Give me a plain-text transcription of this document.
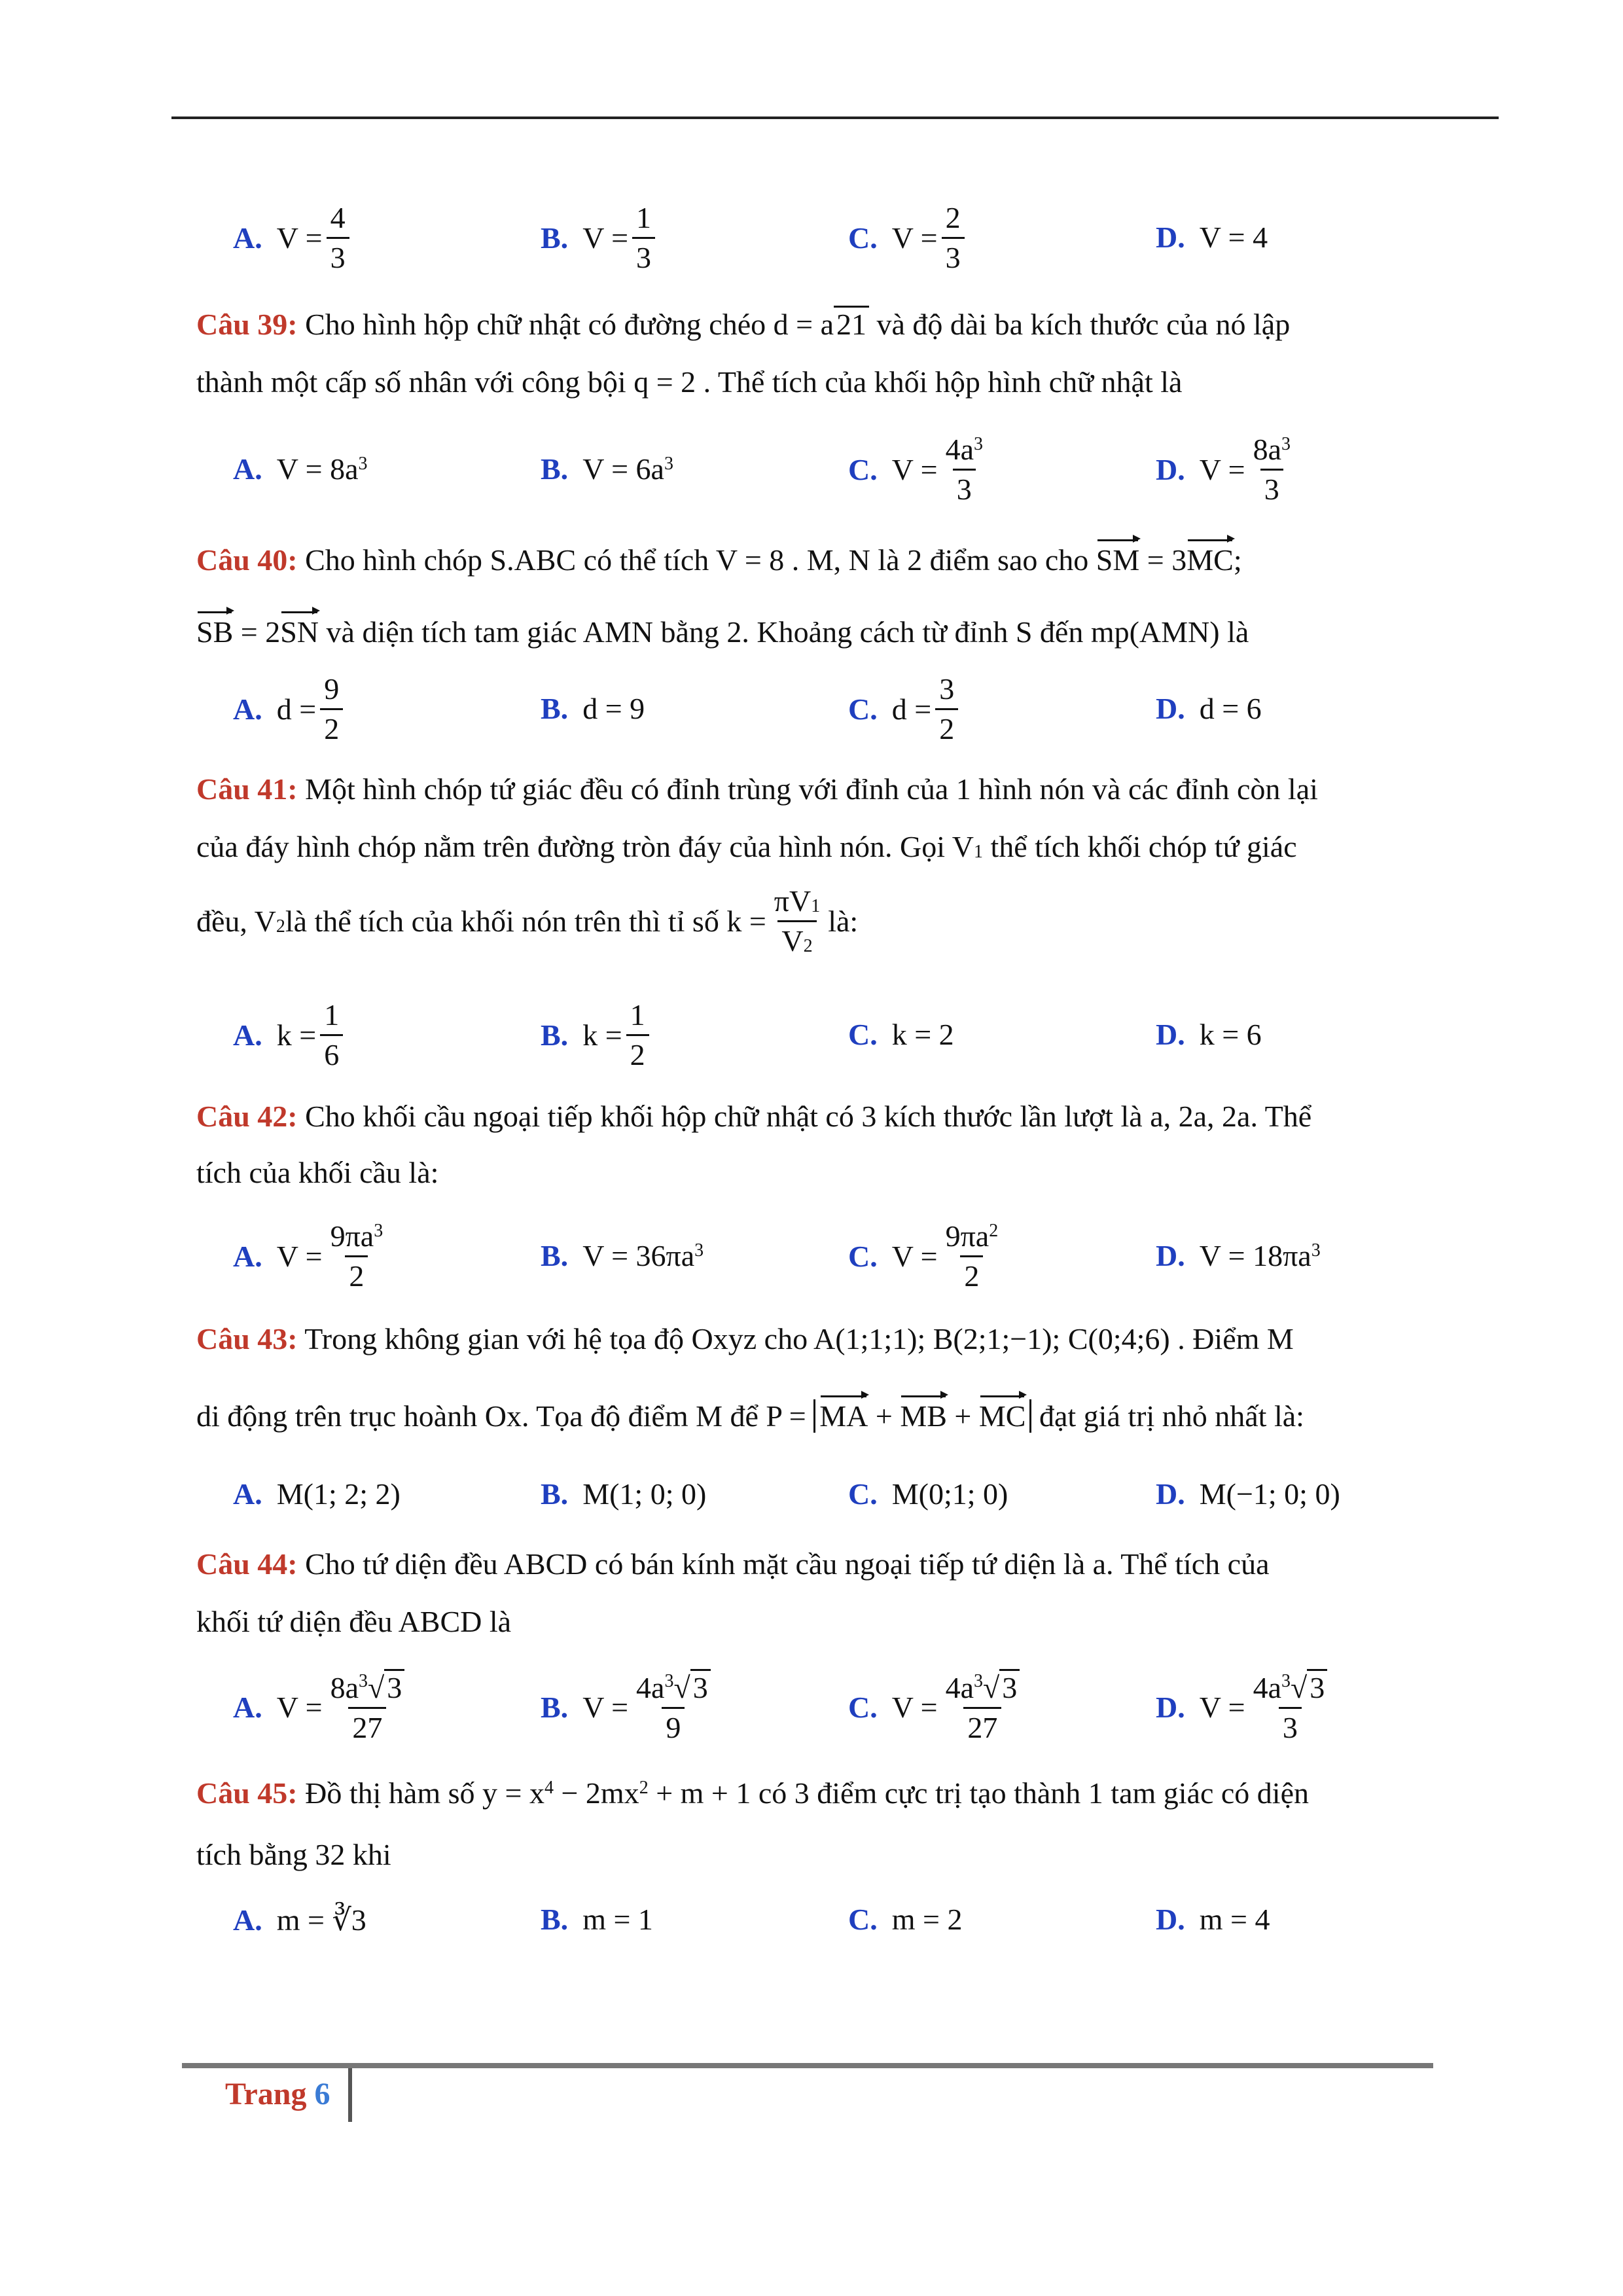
A. $V = \frac{4}{3}$	B. $V = \frac{1}{3}$	C. $V = \frac{2}{3}$	D. V = 4
Câu 39: Cho hình hộp chữ nhật có đường chéo d = a21 và độ dài ba kích thước của nó lập
thành một cấp số nhân với công bội q = 2 . Thể tích của khối hộp hình chữ nhật là
A. V = 8a 3	B. V = 6a 3	C. $V = \frac{4a^3}{3}$	D. $V = \frac{8a^3}{3}$
Câu 40: Cho hình chóp S.ABC có thể tích V = 8 . M, N là 2 điểm sao cho SM = 3MC;
SB = 2SN và diện tích tam giác AMN bằng 2. Khoảng cách từ đỉnh S đến mp(AMN) là
A. $d = \frac{9}{2}$	B. d = 9	C. $d = \frac{3}{2}$	D. d = 6
Câu 41: Một hình chóp tứ giác đều có đỉnh trùng với đỉnh của 1 hình nón và các đỉnh còn lại
của đáy hình chóp nằm trên đường tròn đáy của hình nón. Gọi V1 thể tích khối chóp tứ giác
đều, V 2 là thể tích của khối nón trên thì tỉ số $k = \frac{\pi V1}{V2}$ là:
A. $k = \frac{1}{6}$	B. $k = \frac{1}{2}$	C. k = 2	D. k = 6
Câu 42: Cho khối cầu ngoại tiếp khối hộp chữ nhật có 3 kích thước lần lượt là a, 2a, 2a. Thể
tích của khối cầu là:
A. $V = \frac{9\pi a^3}{2}$	B. V = 36πa 3	C. $V = \frac{9\pi a^2}{2}$	D. V = 18πa 3
Câu 43: Trong không gian với hệ tọa độ Oxyz cho A(1;1;1); B(2;1;−1); C(0;4;6) . Điểm M
di động trên trục hoành Ox. Tọa độ điểm M để P = MA + MB + MC đạt giá trị nhỏ nhất là:
A. M(1; 2; 2)	B. M(1; 0; 0)	C. M(0;1; 0)	D. M(−1; 0; 0)
Câu 44: Cho tứ diện đều ABCD có bán kính mặt cầu ngoại tiếp tứ diện là a. Thể tích của
khối tứ diện đều ABCD là
A. $V = \frac{8a^3√3}{27}$	B. $V = \frac{4a^3√3}{9}$	C. $V = \frac{4a^3√3}{27}$	D. $V = \frac{4a^3√3}{3}$
Câu 45: Đồ thị hàm số $y = x^4 - 2mx^2 + m + 1$ có 3 điểm cực trị tạo thành 1 tam giác có diện
tích bằng 32 khi
A. m = ∛3	B. m = 1	C. m = 2	D. m = 4
Trang 6
